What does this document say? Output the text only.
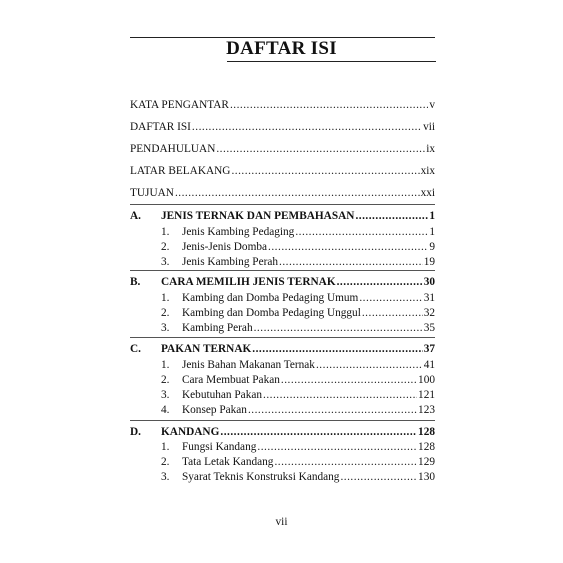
DAFTAR ISI
KATA PENGANTAR .....	v
DAFTAR ISI .....	vii
PENDAHULUAN .....	ix
LATAR BELAKANG .....	xix
TUJUAN .....	xxi
A. JENIS TERNAK DAN PEMBAHASAN .....	1
1. Jenis Kambing Pedaging .....	1
2. Jenis-Jenis Domba .....	9
3. Jenis Kambing Perah .....	19
B. CARA MEMILIH JENIS TERNAK .....	30
1. Kambing dan Domba Pedaging Umum .....	31
2. Kambing dan Domba Pedaging Unggul .....	32
3. Kambing Perah .....	35
C. PAKAN TERNAK .....	37
1. Jenis Bahan Makanan Ternak .....	41
2. Cara Membuat Pakan .....	100
3. Kebutuhan Pakan .....	121
4. Konsep Pakan .....	123
D. KANDANG .....	128
1. Fungsi Kandang .....	128
2. Tata Letak Kandang .....	129
3. Syarat Teknis Konstruksi Kandang .....	130
vii
